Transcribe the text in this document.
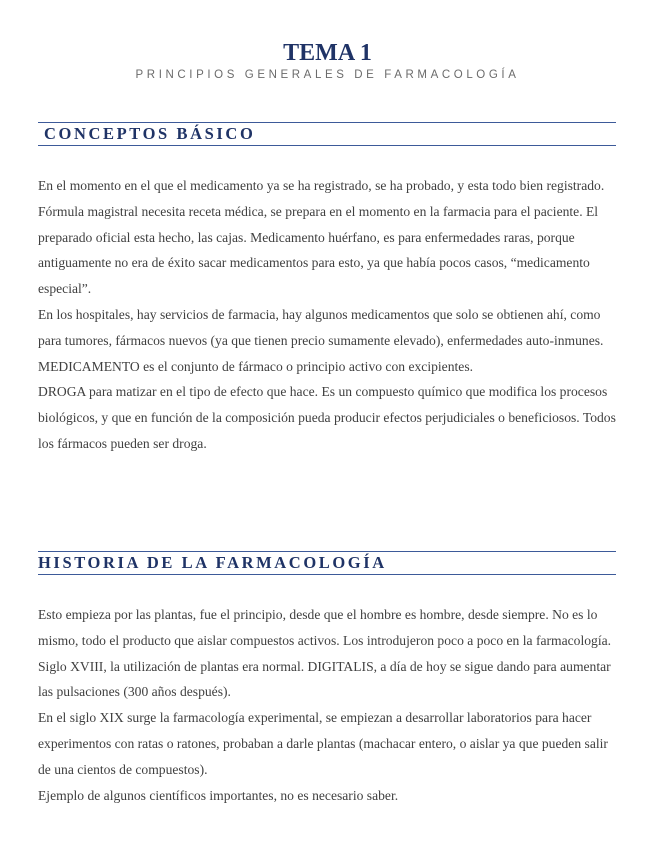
TEMA 1
PRINCIPIOS GENERALES DE FARMACOLOGÍA
CONCEPTOS BÁSICO

En el momento en el que el medicamento ya se ha registrado, se ha probado, y esta todo bien registrado. Fórmula magistral necesita receta médica, se prepara en el momento en la farmacia para el paciente. El preparado oficial esta hecho, las cajas. Medicamento huérfano, es para enfermedades raras, porque antiguamente no era de éxito sacar medicamentos para esto, ya que había pocos casos, “medicamento especial”.

En los hospitales, hay servicios de farmacia, hay algunos medicamentos que solo se obtienen ahí, como para tumores, fármacos nuevos (ya que tienen precio sumamente elevado), enfermedades auto-inmunes. MEDICAMENTO es el conjunto de fármaco o principio activo con excipientes.

DROGA para matizar en el tipo de efecto que hace. Es un compuesto químico que modifica los procesos biológicos, y que en función de la composición pueda producir efectos perjudiciales o beneficiosos. Todos los fármacos pueden ser droga.

HISTORIA DE LA FARMACOLOGÍA

Esto empieza por las plantas, fue el principio, desde que el hombre es hombre, desde siempre. No es lo mismo, todo el producto que aislar compuestos activos. Los introdujeron poco a poco en la farmacología. Siglo XVIII, la utilización de plantas era normal. DIGITALIS, a día de hoy se sigue dando para aumentar las pulsaciones (300 años después).

En el siglo XIX surge la farmacología experimental, se empiezan a desarrollar laboratorios para hacer experimentos con ratas o ratones, probaban a darle plantas (machacar entero, o aislar ya que pueden salir de una cientos de compuestos).

Ejemplo de algunos científicos importantes, no es necesario saber.
